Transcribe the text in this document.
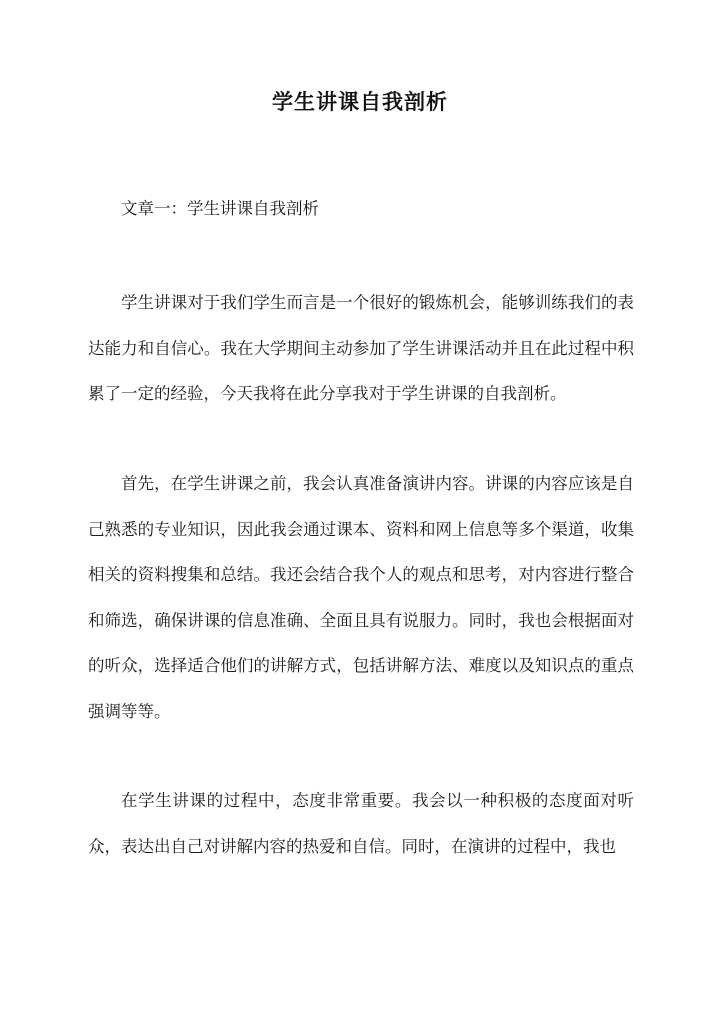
学生讲课自我剖析

文章一：学生讲课自我剖析

学生讲课对于我们学生而言是一个很好的锻炼机会，能够训练我们的表达能力和自信心。我在大学期间主动参加了学生讲课活动并且在此过程中积累了一定的经验，今天我将在此分享我对于学生讲课的自我剖析。

首先，在学生讲课之前，我会认真准备演讲内容。讲课的内容应该是自己熟悉的专业知识，因此我会通过课本、资料和网上信息等多个渠道，收集相关的资料搜集和总结。我还会结合我个人的观点和思考，对内容进行整合和筛选，确保讲课的信息准确、全面且具有说服力。同时，我也会根据面对的听众，选择适合他们的讲解方式，包括讲解方法、难度以及知识点的重点强调等等。

在学生讲课的过程中，态度非常重要。我会以一种积极的态度面对听众，表达出自己对讲解内容的热爱和自信。同时，在演讲的过程中，我也
